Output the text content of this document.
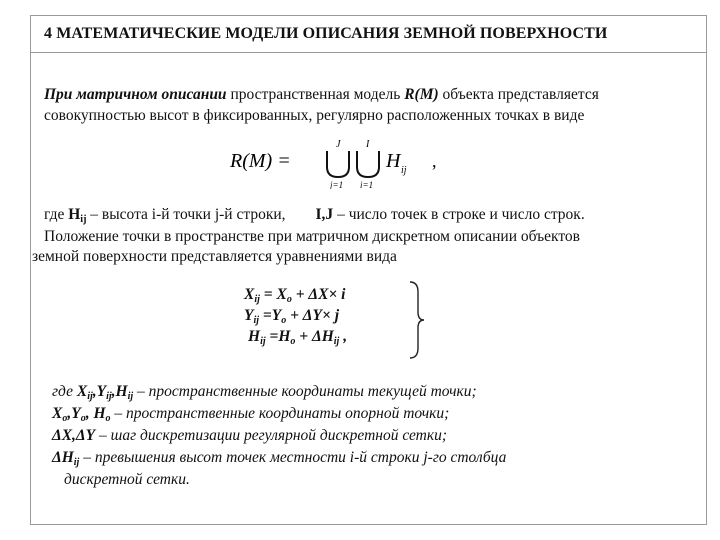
4 МАТЕМАТИЧЕСКИЕ МОДЕЛИ ОПИСАНИЯ ЗЕМНОЙ ПОВЕРХНОСТИ
При матричном описании пространственная модель R(M) объекта представляется
совокупностью высот в фиксированных, регулярно расположенных точках в виде
R(M) =
J	I
j=1 i=1
H ij ,
где $H_{ij}$ – высота i-й точки j-й строки, I,J – число точек в строке и число строк.
Положение точки в пространстве при матричном дискретном описании объектов
земной поверхности представляется уравнениями вида
$X_{ij} = X_o + \Delta X\times i$
$Y_{ij} =Y_o + \Delta Y\times j$
$H_{ij} =H_o + \Delta H_{ij}$ ,
где $X_{ij},Y_{ij},H_{ij}$ – пространственные координаты текущей точки;
$X_o,Y_o$, $H_o$ – пространственные координаты опорной точки;
ΔX,ΔY – шаг дискретизации регулярной дискретной сетки;
$\Delta H_{ij}$ – превышения высот точек местности i-й строки j-го столбца
дискретной сетки.
